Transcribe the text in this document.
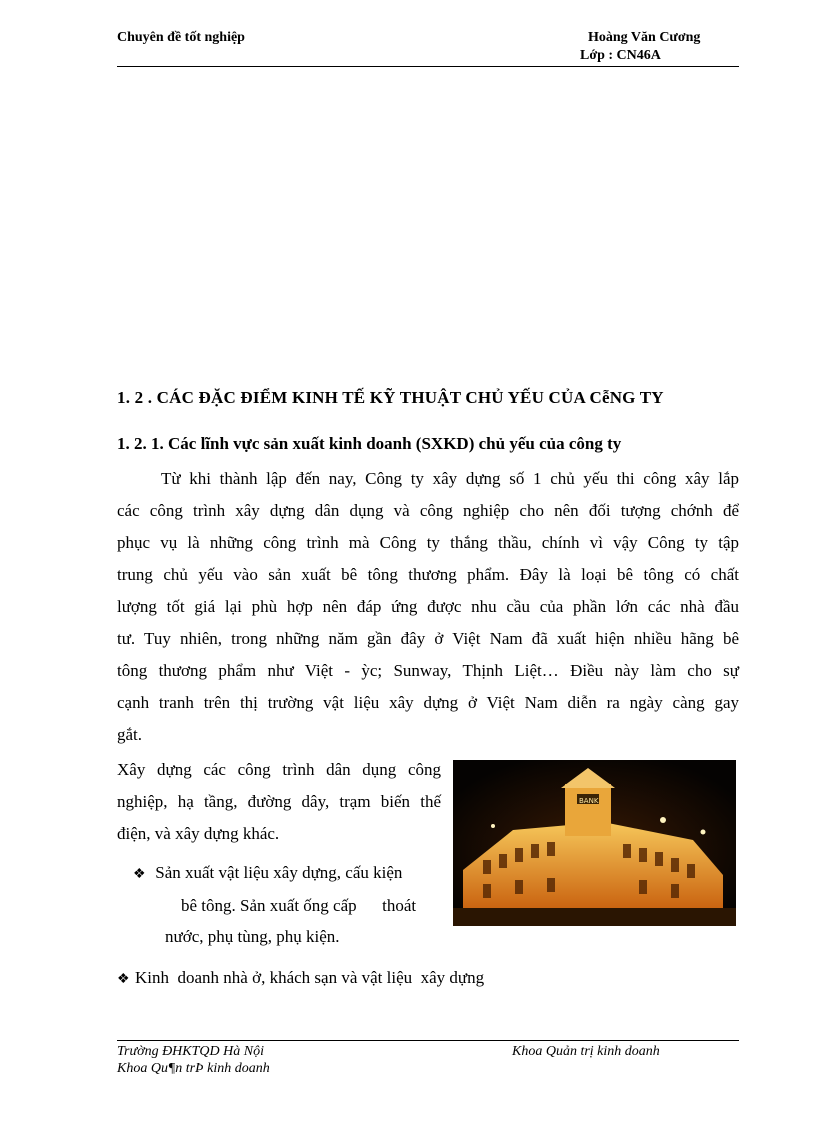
Chuyên đề tốt nghiệp	Hoàng Văn Cương
Lớp : CN46A
1. 2 . CÁC ĐẶC ĐIỂM KINH TẾ KỸ THUẬT CHỦ YẾU CỦA CễNG TY
1. 2. 1. Các lĩnh vực sản xuất kinh doanh (SXKD) chủ yếu của công ty
Từ khi thành lập đến nay, Công ty xây dựng số 1 chủ yếu thi công xây lắp
các công trình xây dựng dân dụng và công nghiệp cho nên đối tượng chớnh để
phục vụ là những công trình mà Công ty thắng thầu, chính vì vậy Công ty tập
trung chủ yếu vào sản xuất bê tông thương phẩm. Đây là loại bê tông có chất
lượng tốt giá lại phù hợp nên đáp ứng được nhu cầu của phần lớn các nhà đầu
tư. Tuy nhiên, trong những năm gần đây ở Việt Nam đã xuất hiện nhiều hãng bê
tông thương phẩm như Việt - ỳc; Sunway, Thịnh Liệt… Điều này làm cho sự
cạnh tranh trên thị trường vật liệu xây dựng ở Việt Nam diễn ra ngày càng gay
gắt.
Xây dựng các công trình dân dụng công
nghiệp, hạ tầng, đường dây, trạm biến thế
điện, và xây dựng khác.
BANK
❖ Sản xuất vật liệu xây dựng, cấu kiện
bê tông. Sản xuất ống cấp      thoát
nước, phụ tùng, phụ kiện.
❖ Kinh  doanh nhà ở, khách sạn và vật liệu  xây dựng
Trường ĐHKTQD Hà Nội	Khoa Quản trị kinh doanh
Khoa Qu¶n trÞ kinh doanh
